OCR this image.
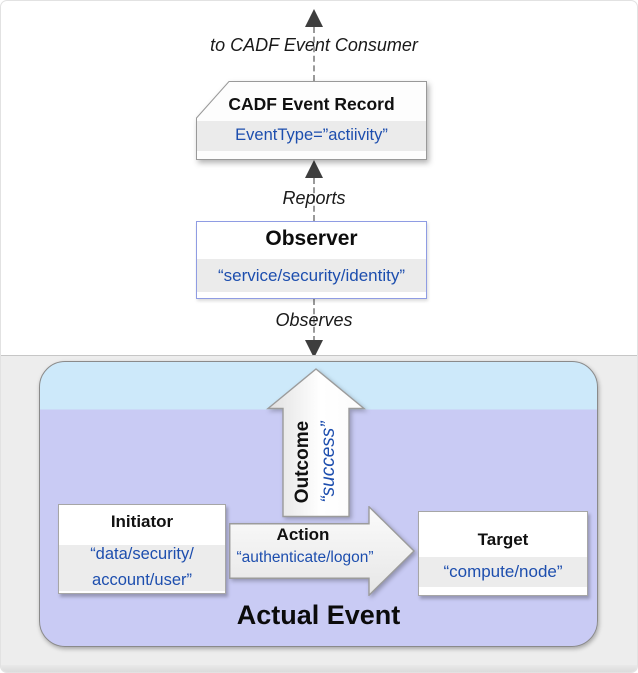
to CADF Event Consumer
Reports
Observes
CADF Event Record
EventType=”actiivity”
Observer
“service/security/identity”
Actual Event
Outcome “success”
Initiator
“data/security/
account/user”
Action
“authenticate/logon”
Target
“compute/node”
